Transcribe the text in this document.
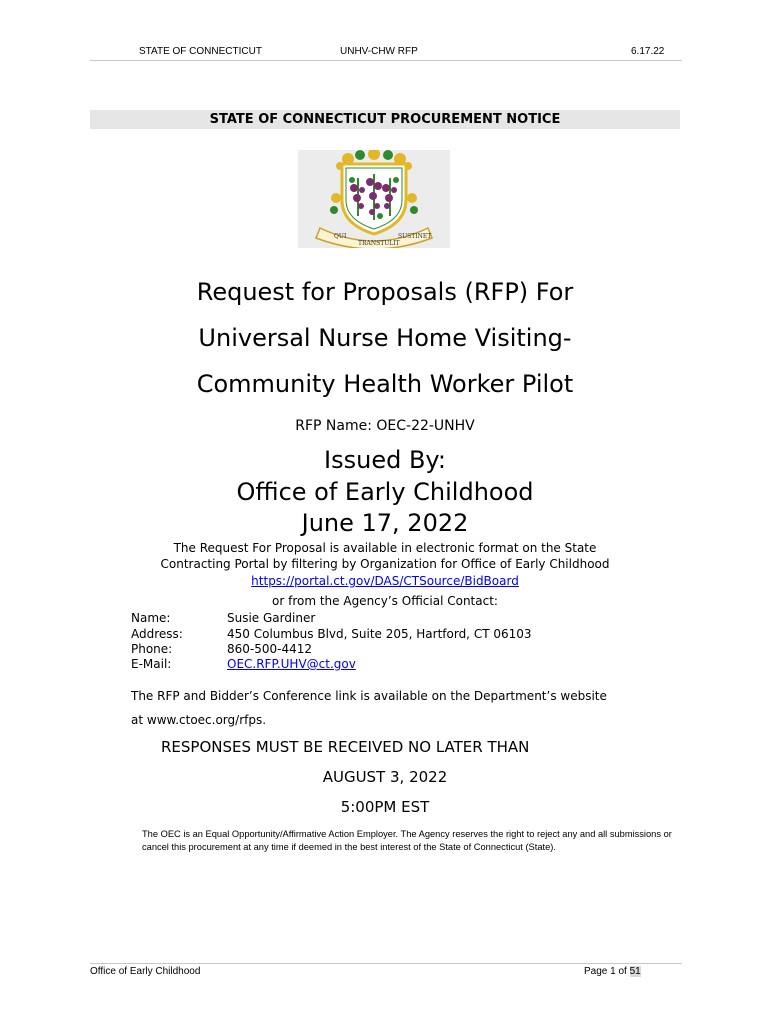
STATE OF CONNECTICUT	UNHV-CHW RFP	6.17.22
STATE OF CONNECTICUT PROCUREMENT NOTICE
QUI
TRANSTULIT
SUSTINET
Request for Proposals (RFP) For
Universal Nurse Home Visiting-
Community Health Worker Pilot
RFP Name: OEC-22-UNHV
Issued By:
Office of Early Childhood
June 17, 2022
The Request For Proposal is available in electronic format on the State
Contracting Portal by filtering by Organization for Office of Early Childhood
https://portal.ct.gov/DAS/CTSource/BidBoard
or from the Agency’s Official Contact:
Name:	Susie Gardiner
Address:	450 Columbus Blvd, Suite 205, Hartford, CT 06103
Phone:	860-500-4412
E-Mail:	OEC.RFP.UHV@ct.gov
The RFP and Bidder’s Conference link is available on the Department’s website
at www.ctoec.org/rfps.
RESPONSES MUST BE RECEIVED NO LATER THAN
AUGUST 3, 2022
5:00PM EST
The OEC is an Equal Opportunity/Affirmative Action Employer. The Agency reserves the right to reject any and all submissions or cancel this procurement at any time if deemed in the best interest of the State of Connecticut (State).
Office of Early Childhood	Page 1 of 51
